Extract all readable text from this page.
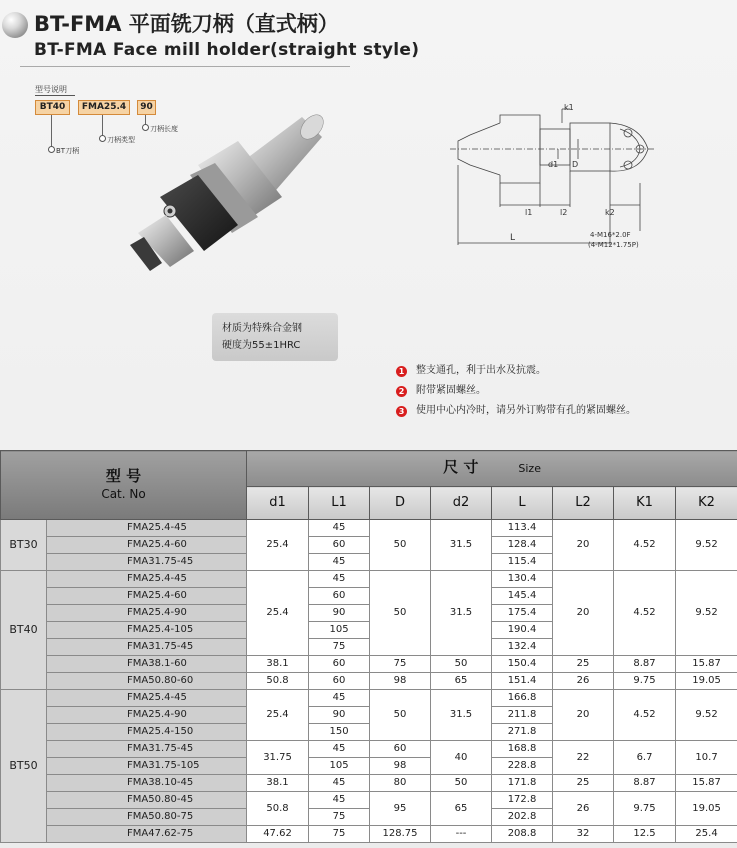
BT-FMA 平面铣刀柄（直式柄）
BT-FMA Face mill holder(straight style)
型号说明
BT40	FMA25.4	90
BT刀柄
刀柄类型
刀柄长度
k1
d1 D
l1	l2	k2
L	4-M16*2.0F
(4-M12*1.75P)
材质为特殊合金钢
硬度为55±1HRC
1 整支通孔，利于出水及抗震。
2 附带紧固螺丝。
3 使用中心内冷时，请另外订购带有孔的紧固螺丝。
型 号
Cat. No		尺 寸 Size							
		d1	L1	D	d2	L	L2	K1	K2
BT30	FMA25.4-45	25.4	45	50	31.5	113.4	20	4.52	9.52
	FMA25.4-60		60			128.4			
	FMA31.75-45		45			115.4			
BT40	FMA25.4-45	25.4	45	50	31.5	130.4	20	4.52	9.52
	FMA25.4-60		60			145.4			
	FMA25.4-90		90			175.4			
	FMA25.4-105		105			190.4			
	FMA31.75-45		75			132.4			
	FMA38.1-60	38.1	60	75	50	150.4	25	8.87	15.87
	FMA50.80-60	50.8	60	98	65	151.4	26	9.75	19.05
BT50	FMA25.4-45	25.4	45	50	31.5	166.8	20	4.52	9.52
	FMA25.4-90		90			211.8			
	FMA25.4-150		150			271.8			
	FMA31.75-45	31.75	45	60	40	168.8	22	6.7	10.7
	FMA31.75-105		105	98		228.8			
	FMA38.10-45	38.1	45	80	50	171.8	25	8.87	15.87
	FMA50.80-45	50.8	45	95	65	172.8	26	9.75	19.05
	FMA50.80-75		75			202.8			
	FMA47.62-75	47.62	75	128.75	---	208.8	32	12.5	25.4
